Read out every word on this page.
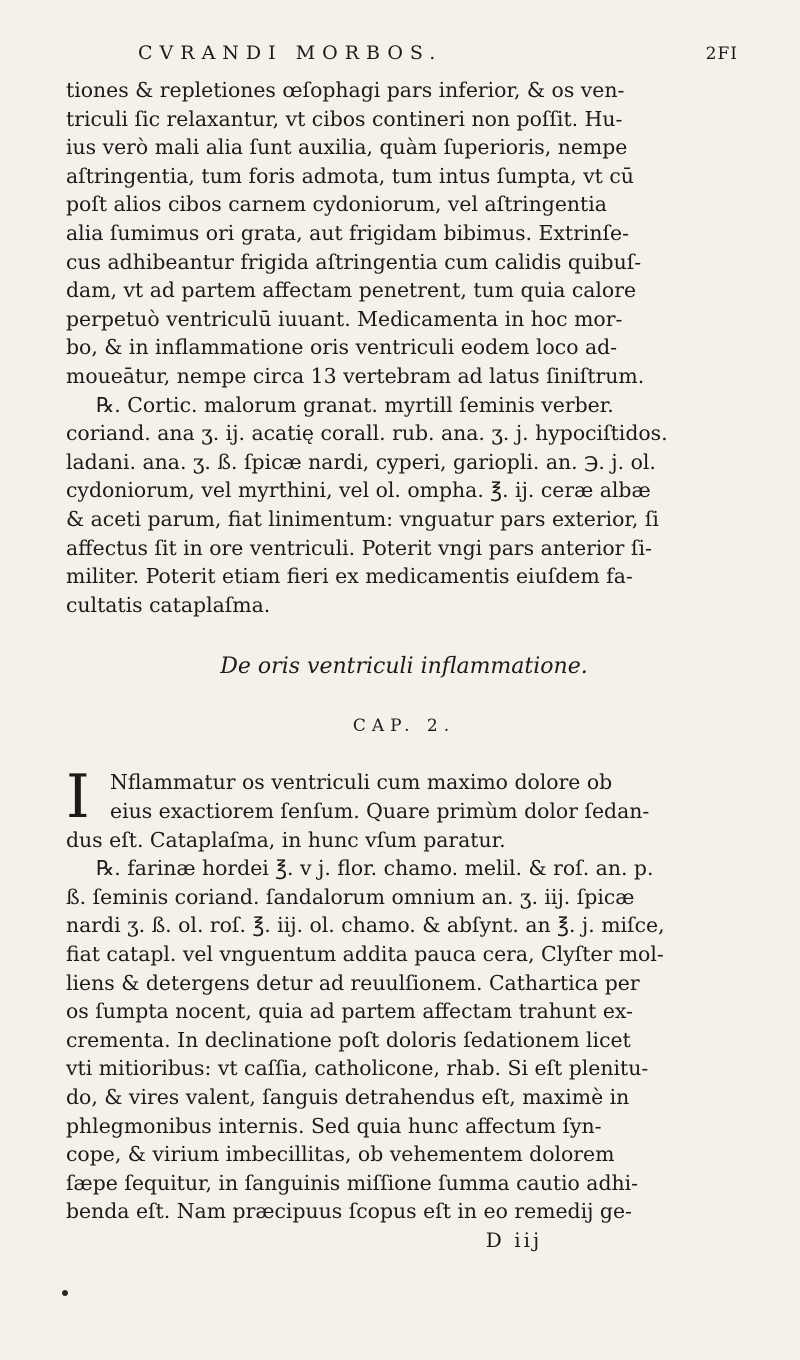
CVRANDI MORBOS.	2FI
tiones & repletiones œſophagi pars inferior, & os ven-
triculi ſic relaxantur, vt cibos contineri non poſſit. Hu-
ius verò mali alia ſunt auxilia, quàm ſuperioris, nempe
aſtringentia, tum foris admota, tum intus ſumpta, vt cū
poſt alios cibos carnem cydoniorum, vel aſtringentia
alia ſumimus ori grata, aut frigidam bibimus. Extrinſe-
cus adhibeantur frigida aſtringentia cum calidis quibuſ-
dam, vt ad partem affectam penetrent, tum quia calore
perpetuò ventriculū iuuant. Medicamenta in hoc mor-
bo, & in inflammatione oris ventriculi eodem loco ad-
moueātur, nempe circa 13 vertebram ad latus ſiniſtrum.
℞. Cortic. malorum granat. myrtill ſeminis verber.
coriand. ana ʒ. ij. acatię corall. rub. ana. ʒ. j. hypociſtidos.
ladani. ana. ʒ. ß. ſpicæ nardi, cyperi, gariopli. an. ℈. j. ol.
cydoniorum, vel myrthini, vel ol. ompha. ℥. ij. ceræ albæ
& aceti parum, fiat linimentum: vnguatur pars exterior, ſi
affectus ſit in ore ventriculi. Poterit vngi pars anterior ſi-
militer. Poterit etiam fieri ex medicamentis eiuſdem fa-
cultatis cataplaſma.
De oris ventriculi inflammatione.
CAP. 2.
I Nflammatur os ventriculi cum maximo dolore ob
eius exactiorem ſenſum. Quare primùm dolor ſedan-
dus eſt. Cataplaſma, in hunc vſum paratur.
℞. farinæ hordei ℥. v j. flor. chamo. melil. & roſ. an. p.
ß. ſeminis coriand. ſandalorum omnium an. ʒ. iij. ſpicæ
nardi ʒ. ß. ol. roſ. ℥. iij. ol. chamo. & abſynt. an ℥. j. miſce,
fiat catapl. vel vnguentum addita pauca cera, Clyſter mol-
liens & detergens detur ad reuulſionem. Cathartica per
os ſumpta nocent, quia ad partem affectam trahunt ex-
crementa. In declinatione poſt doloris ſedationem licet
vti mitioribus: vt caſſia, catholicone, rhab. Si eſt plenitu-
do, & vires valent, ſanguis detrahendus eſt, maximè in
phlegmonibus internis. Sed quia hunc affectum ſyn-
cope, & virium imbecillitas, ob vehementem dolorem
ſæpe ſequitur, in ſanguinis miſſione ſumma cautio adhi-
benda eſt. Nam præcipuus ſcopus eſt in eo remedij ge-
D iij
